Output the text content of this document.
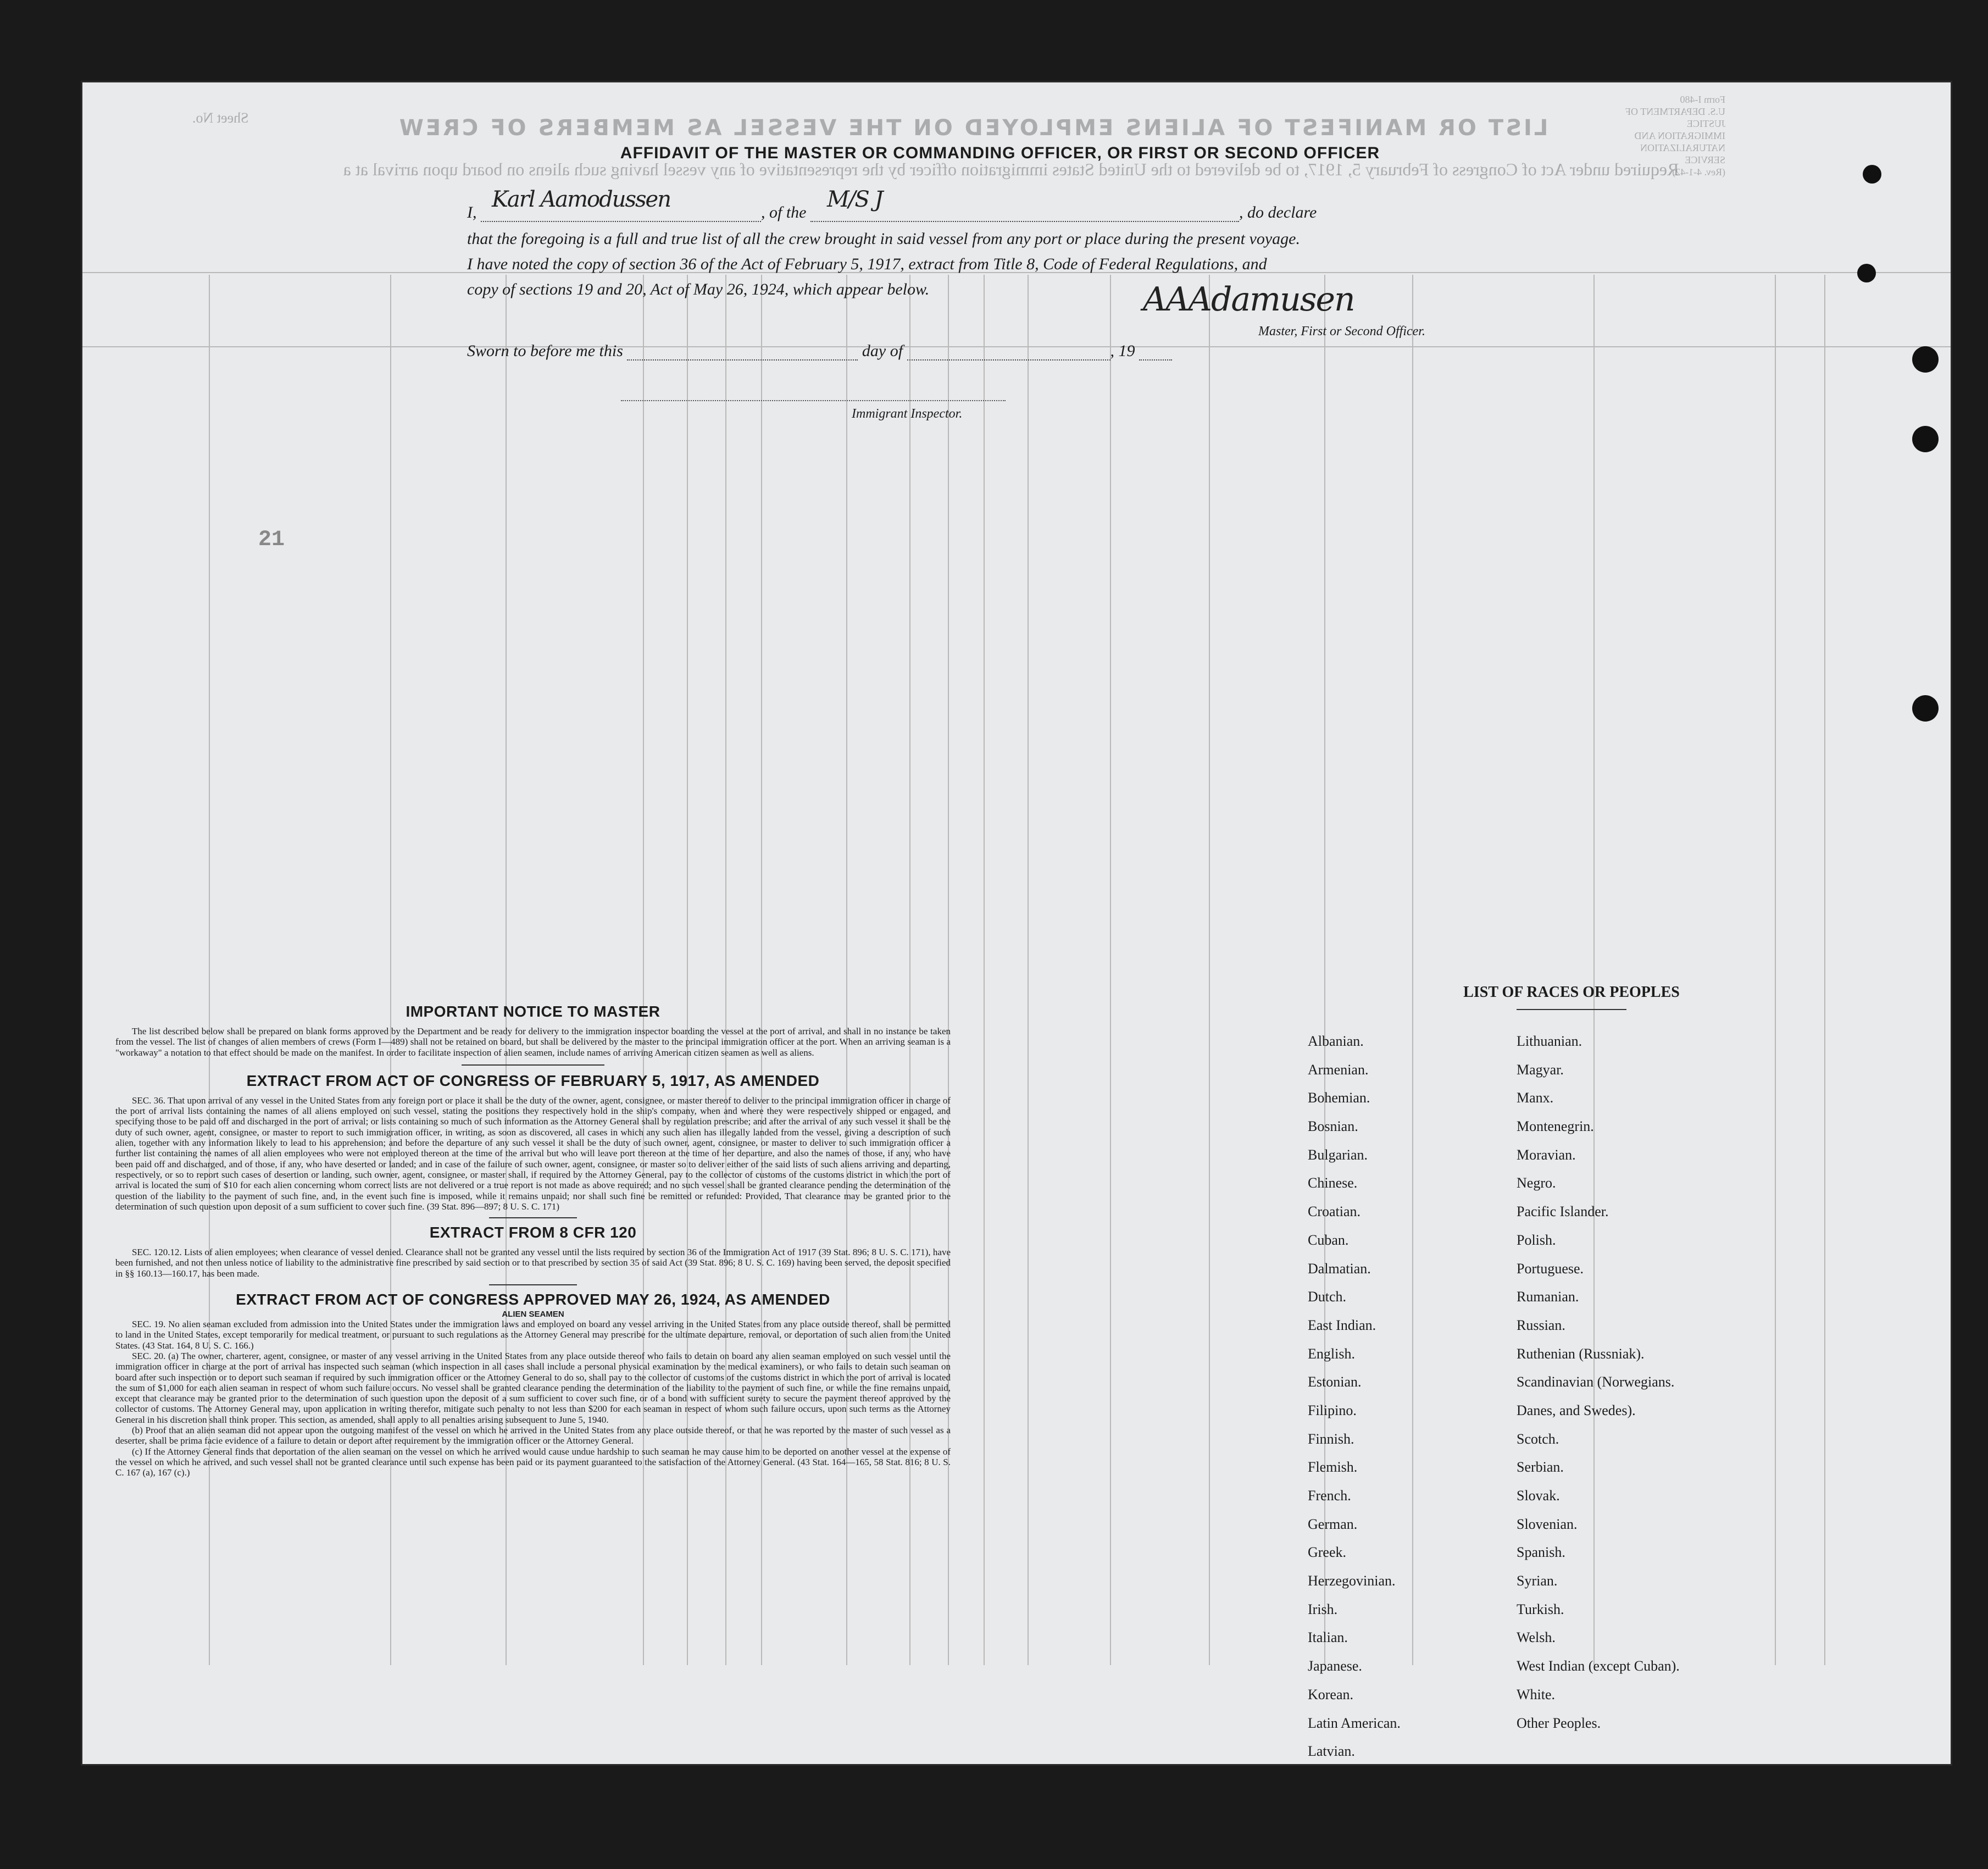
LIST OR MANIFEST OF ALIENS EMPLOYED ON THE VESSEL AS MEMBERS OF CREW
Required under Act of Congress of February 5, 1917, to be delivered to the United States immigration officer by the representative of any vessel having such aliens on board upon arrival at a
Form I-480
U.S. DEPARTMENT OF JUSTICE
IMMIGRATION AND NATURALIZATION SERVICE
(Rev. 4-1-42)
Sheet No.
AFFIDAVIT OF THE MASTER OR COMMANDING OFFICER, OR FIRST OR SECOND OFFICER
I,
Karl Aamodussen
, of the
M/S J
, do declare
that the foregoing is a full and true list of all the crew brought in said vessel from any port or place during the present voyage.
I have noted the copy of section 36 of the Act of February 5, 1917, extract from Title 8, Code of Federal Regulations, and
copy of sections 19 and 20, Act of May 26, 1924, which appear below.	AAAdamusen
Master, First or Second Officer.
Sworn to before me this	day of	, 19
Immigrant Inspector.
21
IMPORTANT NOTICE TO MASTER

The list described below shall be prepared on blank forms approved by the Department and be ready for delivery to the immigration inspector boarding the vessel at the port of arrival, and shall in no instance be taken from the vessel. The list of changes of alien members of crews (Form I—489) shall not be retained on board, but shall be delivered by the master to the principal immigration officer at the port. When an arriving seaman is a "workaway" a notation to that effect should be made on the manifest. In order to facilitate inspection of alien seamen, include names of arriving American citizen seamen as well as aliens.

EXTRACT FROM ACT OF CONGRESS OF FEBRUARY 5, 1917, AS AMENDED

SEC. 36. That upon arrival of any vessel in the United States from any foreign port or place it shall be the duty of the owner, agent, consignee, or master thereof to deliver to the principal immigration officer in charge of the port of arrival lists containing the names of all aliens employed on such vessel, stating the positions they respectively hold in the ship's company, when and where they were respectively shipped or engaged, and specifying those to be paid off and discharged in the port of arrival; or lists containing so much of such information as the Attorney General shall by regulation prescribe; and after the arrival of any such vessel it shall be the duty of such owner, agent, consignee, or master to report to such immigration officer, in writing, as soon as discovered, all cases in which any such alien has illegally landed from the vessel, giving a description of such alien, together with any information likely to lead to his apprehension; and before the departure of any such vessel it shall be the duty of such owner, agent, consignee, or master to deliver to such immigration officer a further list containing the names of all alien employees who were not employed thereon at the time of the arrival but who will leave port thereon at the time of her departure, and also the names of those, if any, who have been paid off and discharged, and of those, if any, who have deserted or landed; and in case of the failure of such owner, agent, consignee, or master so to deliver either of the said lists of such aliens arriving and departing, respectively, or so to report such cases of desertion or landing, such owner, agent, consignee, or master shall, if required by the Attorney General, pay to the collector of customs of the customs district in which the port of arrival is located the sum of $10 for each alien concerning whom correct lists are not delivered or a true report is not made as above required; and no such vessel shall be granted clearance pending the determination of the question of the liability to the payment of such fine, and, in the event such fine is imposed, while it remains unpaid; nor shall such fine be remitted or refunded: Provided, That clearance may be granted prior to the determination of such question upon deposit of a sum sufficient to cover such fine. (39 Stat. 896—897; 8 U. S. C. 171)

EXTRACT FROM 8 CFR 120

SEC. 120.12. Lists of alien employees; when clearance of vessel denied. Clearance shall not be granted any vessel until the lists required by section 36 of the Immigration Act of 1917 (39 Stat. 896; 8 U. S. C. 171), have been furnished, and not then unless notice of liability to the administrative fine prescribed by said section or to that prescribed by section 35 of said Act (39 Stat. 896; 8 U. S. C. 169) having been served, the deposit specified in §§ 160.13—160.17, has been made.

EXTRACT FROM ACT OF CONGRESS APPROVED MAY 26, 1924, AS AMENDED
ALIEN SEAMEN

SEC. 19. No alien seaman excluded from admission into the United States under the immigration laws and employed on board any vessel arriving in the United States from any place outside thereof, shall be permitted to land in the United States, except temporarily for medical treatment, or pursuant to such regulations as the Attorney General may prescribe for the ultimate departure, removal, or deportation of such alien from the United States. (43 Stat. 164, 8 U. S. C. 166.)

SEC. 20. (a) The owner, charterer, agent, consignee, or master of any vessel arriving in the United States from any place outside thereof who fails to detain on board any alien seaman employed on such vessel until the immigration officer in charge at the port of arrival has inspected such seaman (which inspection in all cases shall include a personal physical examination by the medical examiners), or who fails to detain such seaman on board after such inspection or to deport such seaman if required by such immigration officer or the Attorney General to do so, shall pay to the collector of customs of the customs district in which the port of arrival is located the sum of $1,000 for each alien seaman in respect of whom such failure occurs. No vessel shall be granted clearance pending the determination of the liability to the payment of such fine, or while the fine remains unpaid, except that clearance may be granted prior to the determination of such question upon the deposit of a sum sufficient to cover such fine, or of a bond with sufficient surety to secure the payment thereof approved by the collector of customs. The Attorney General may, upon application in writing therefor, mitigate such penalty to not less than $200 for each seaman in respect of whom such failure occurs, upon such terms as the Attorney General in his discretion shall think proper. This section, as amended, shall apply to all penalties arising subsequent to June 5, 1940.

(b) Proof that an alien seaman did not appear upon the outgoing manifest of the vessel on which he arrived in the United States from any place outside thereof, or that he was reported by the master of such vessel as a deserter, shall be prima facie evidence of a failure to detain or deport after requirement by the immigration officer or the Attorney General.

(c) If the Attorney General finds that deportation of the alien seaman on the vessel on which he arrived would cause undue hardship to such seaman he may cause him to be deported on another vessel at the expense of the vessel on which he arrived, and such vessel shall not be granted clearance until such expense has been paid or its payment guaranteed to the satisfaction of the Attorney General. (43 Stat. 164—165, 58 Stat. 816; 8 U. S. C. 167 (a), 167 (c).)

LIST OF RACES OR PEOPLES
Albanian.
Armenian.
Bohemian.
Bosnian.
Bulgarian.
Chinese.
Croatian.
Cuban.
Dalmatian.
Dutch.
East Indian.
English.
Estonian.
Filipino.
Finnish.
Flemish.
French.
German.
Greek.
Herzegovinian.
Irish.
Italian.
Japanese.
Korean.
Latin American.
Latvian.
Lithuanian.
Magyar.
Manx.
Montenegrin.
Moravian.
Negro.
Pacific Islander.
Polish.
Portuguese.
Rumanian.
Russian.
Ruthenian (Russniak).
Scandinavian (Norwegians.
Danes, and Swedes).
Scotch.
Serbian.
Slovak.
Slovenian.
Spanish.
Syrian.
Turkish.
Welsh.
West Indian (except Cuban).
White.
Other Peoples.
